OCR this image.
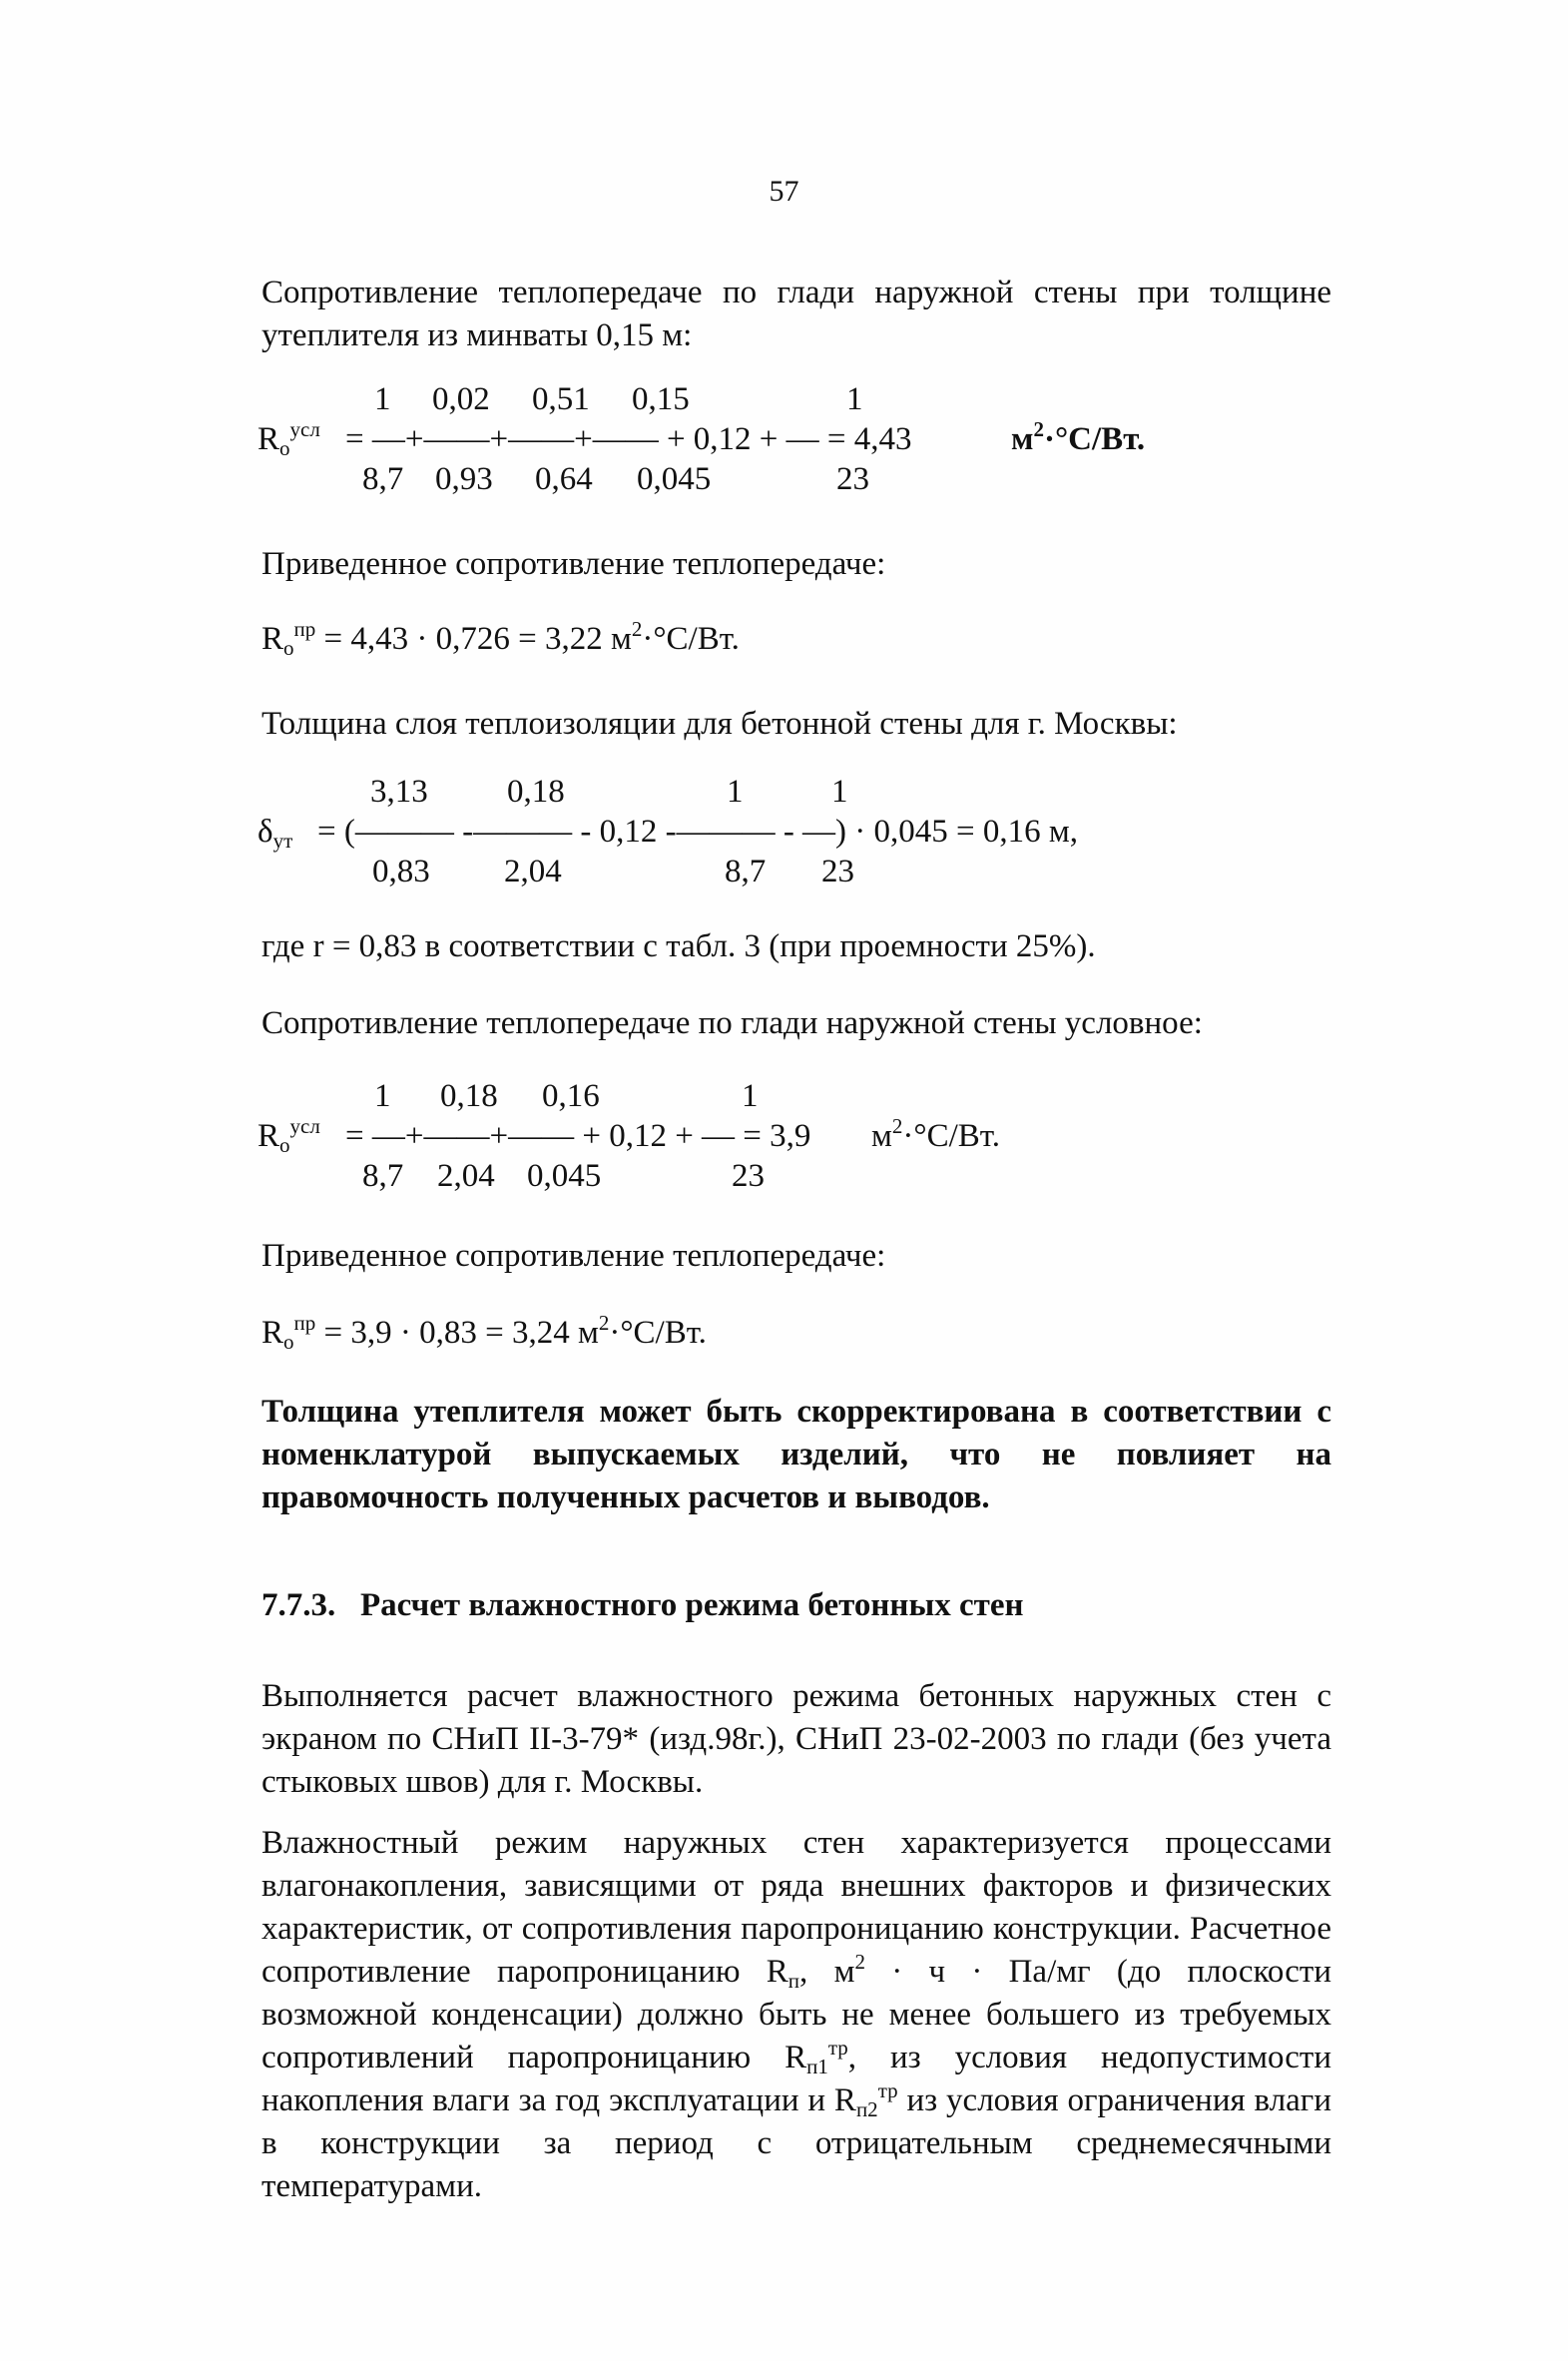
57
Сопротивление теплопередаче по глади наружной стены при толщине утеплителя из минваты 0,15 м:
$R_o^{усл}$
1 0,02 0,51 0,15	1
= —+——+——+—— + 0,12 + — = 4,43	$м^2\cdot^\circ С/Вт$.
8,7 0,93 0,64 0,045	23
Приведенное сопротивление теплопередаче:
$R_o^{пр} = 4,43 \cdot 0,726 = 3,22$ $м^2\cdot^\circ С/Вт$.
Толщина слоя теплоизоляции для бетонной стены для г. Москвы:
$\delta_{ут}$
3,13 0,18	1	1
= (——— -——— - 0,12 -——— - —) · 0,045 = 0,16 м,
0,83 2,04	8,7 23
где r = 0,83 в соответствии с табл. 3 (при проемности 25%).
Сопротивление теплопередаче по глади наружной стены условное:
$R_o^{усл}$
1 0,18 0,16	1
= —+——+—— + 0,12 + — = 3,9 $м^2\cdot^\circ С/Вт$.
8,7 2,04 0,045	23
Приведенное сопротивление теплопередаче:
$R_o^{пр} = 3,9 \cdot 0,83 = 3,24$ $м^2\cdot^\circ С/Вт$.
Толщина утеплителя может быть скорректирована в соответствии с номенклатурой выпускаемых изделий, что не повлияет на правомочность полученных расчетов и выводов.
7.7.3.   Расчет влажностного режима бетонных стен
Выполняется расчет влажностного режима бетонных наружных стен с экраном по СНиП II-3-79* (изд.98г.), СНиП 23-02-2003 по глади (без учета стыковых швов) для г. Москвы.
Влажностный режим наружных стен характеризуется процессами влагонакопления, зависящими от ряда внешних факторов и физических характеристик, от сопротивления паропроницанию конструкции. Расчетное сопротивление паропроницанию $R_п$, $м^2 \cdot ч \cdot Па/мг$ (до плоскости возможной конденсации) должно быть не менее большего из требуемых сопротивлений паропроницанию $R_{п1}^{тр}$, из условия недопустимости накопления влаги за год эксплуатации и $R_{п2}^{тр}$ из условия ограничения влаги в конструкции за период с отрицательным среднемесячными температурами.
